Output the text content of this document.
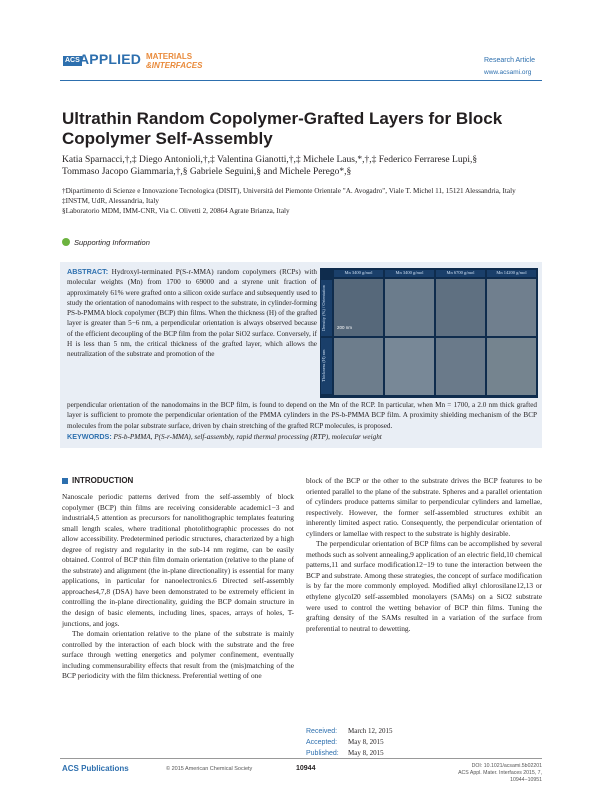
ACS APPLIED MATERIALS
&INTERFACES
Research Article
www.acsami.org
Ultrathin Random Copolymer-Grafted Layers for Block Copolymer Self-Assembly
Katia Sparnacci,†,‡ Diego Antonioli,†,‡ Valentina Gianotti,†,‡ Michele Laus,*,†,‡ Federico Ferrarese Lupi,§
Tommaso Jacopo Giammaria,†,§ Gabriele Seguini,§ and Michele Perego*,§
†Dipartimento di Scienze e Innovazione Tecnologica (DISIT), Università del Piemonte Orientale "A. Avogadro", Viale T. Michel 11, 15121 Alessandria, Italy
‡INSTM, UdR, Alessandria, Italy
§Laboratorio MDM, IMM-CNR, Via C. Olivetti 2, 20864 Agrate Brianza, Italy
Supporting Information
ABSTRACT: Hydroxyl-terminated P(S-r-MMA) random copolymers (RCPs) with molecular weights (Mn) from 1700 to 69000 and a styrene unit fraction of approximately 61% were grafted onto a silicon oxide surface and subsequently used to study the orientation of nanodomains with respect to the substrate, in cylinder-forming PS-b-PMMA block copolymer (BCP) thin films. When the thickness (H) of the grafted layer is greater than 5−6 nm, a perpendicular orientation is always observed because of the efficient decoupling of the BCP film from the polar SiO2 surface. Conversely, if H is less than 5 nm, the critical thickness of the grafted layer, which allows the neutralization of the substrate and promotion of the
Mn 3400 g/mol	Mn 3400 g/mol	Mn 6700 g/mol	Mn 14200 g/mol
Density (%) / Orientation
Thickness (H) nm
200 nm
perpendicular orientation of the nanodomains in the BCP film, is found to depend on the Mn of the RCP. In particular, when Mn = 1700, a 2.0 nm thick grafted layer is sufficient to promote the perpendicular orientation of the PMMA cylinders in the PS-b-PMMA BCP film. A proximity shielding mechanism of the BCP molecules from the polar substrate surface, driven by chain stretching of the grafted RCP molecules, is proposed.
KEYWORDS: PS-b-PMMA, P(S-r-MMA), self-assembly, rapid thermal processing (RTP), molecular weight
INTRODUCTION

Nanoscale periodic patterns derived from the self-assembly of block copolymer (BCP) thin films are receiving considerable academic1−3 and industrial4,5 attention as precursors for nanolithographic templates featuring small length scales, where traditional photolithographic processes do not allow accessibility. Predetermined periodic structures, characterized by a high degree of registry and regularity in the sub-14 nm regime, can be easily obtained. Control of BCP thin film domain orientation (relative to the plane of the substrate) and alignment (the in-plane directionality) is essential for many applications, in particular for nanoelectronics.6 Directed self-assembly approaches4,7,8 (DSA) have been demonstrated to be extremely efficient in controlling the in-plane directionality, guiding the BCP domain structure in the design of basic elements, including lines, spaces, arrays of holes, T-junctions, and jogs.

The domain orientation relative to the plane of the substrate is mainly controlled by the interaction of each block with the substrate and the free surface through wetting energetics and polymer confinement, eventually including commensurability effects that result from the (mis)matching of the BCP periodicity with the film thickness. Preferential wetting of one

block of the BCP or the other to the substrate drives the BCP features to be oriented parallel to the plane of the substrate. Spheres and a parallel orientation of cylinders produce patterns similar to perpendicular cylinders and lamellae, respectively. However, the former self-assembled structures exhibit an inherently limited aspect ratio. Consequently, the perpendicular orientation of cylinders or lamellae with respect to the substrate is highly desirable.

The perpendicular orientation of BCP films can be accomplished by several methods such as solvent annealing,9 application of an electric field,10 chemical patterns,11 and surface modification12−19 to tune the interaction between the BCP and substrate. Among these strategies, the concept of surface modification is by far the more commonly employed. Modified alkyl chlorosilane12,13 or ethylene glycol20 self-assembled monolayers (SAMs) on a SiO2 substrate were used to control the wetting behavior of BCP thin films. Tuning the grafting density of the SAMs resulted in a variation of the surface from preferential to neutral to dewetting.

Received: March 12, 2015
Accepted: May 8, 2015
Published: May 8, 2015
ACS Publications	© 2015 American Chemical Society	10944	DOI: 10.1021/acsami.5b02201
ACS Appl. Mater. Interfaces 2015, 7, 10944−10951
